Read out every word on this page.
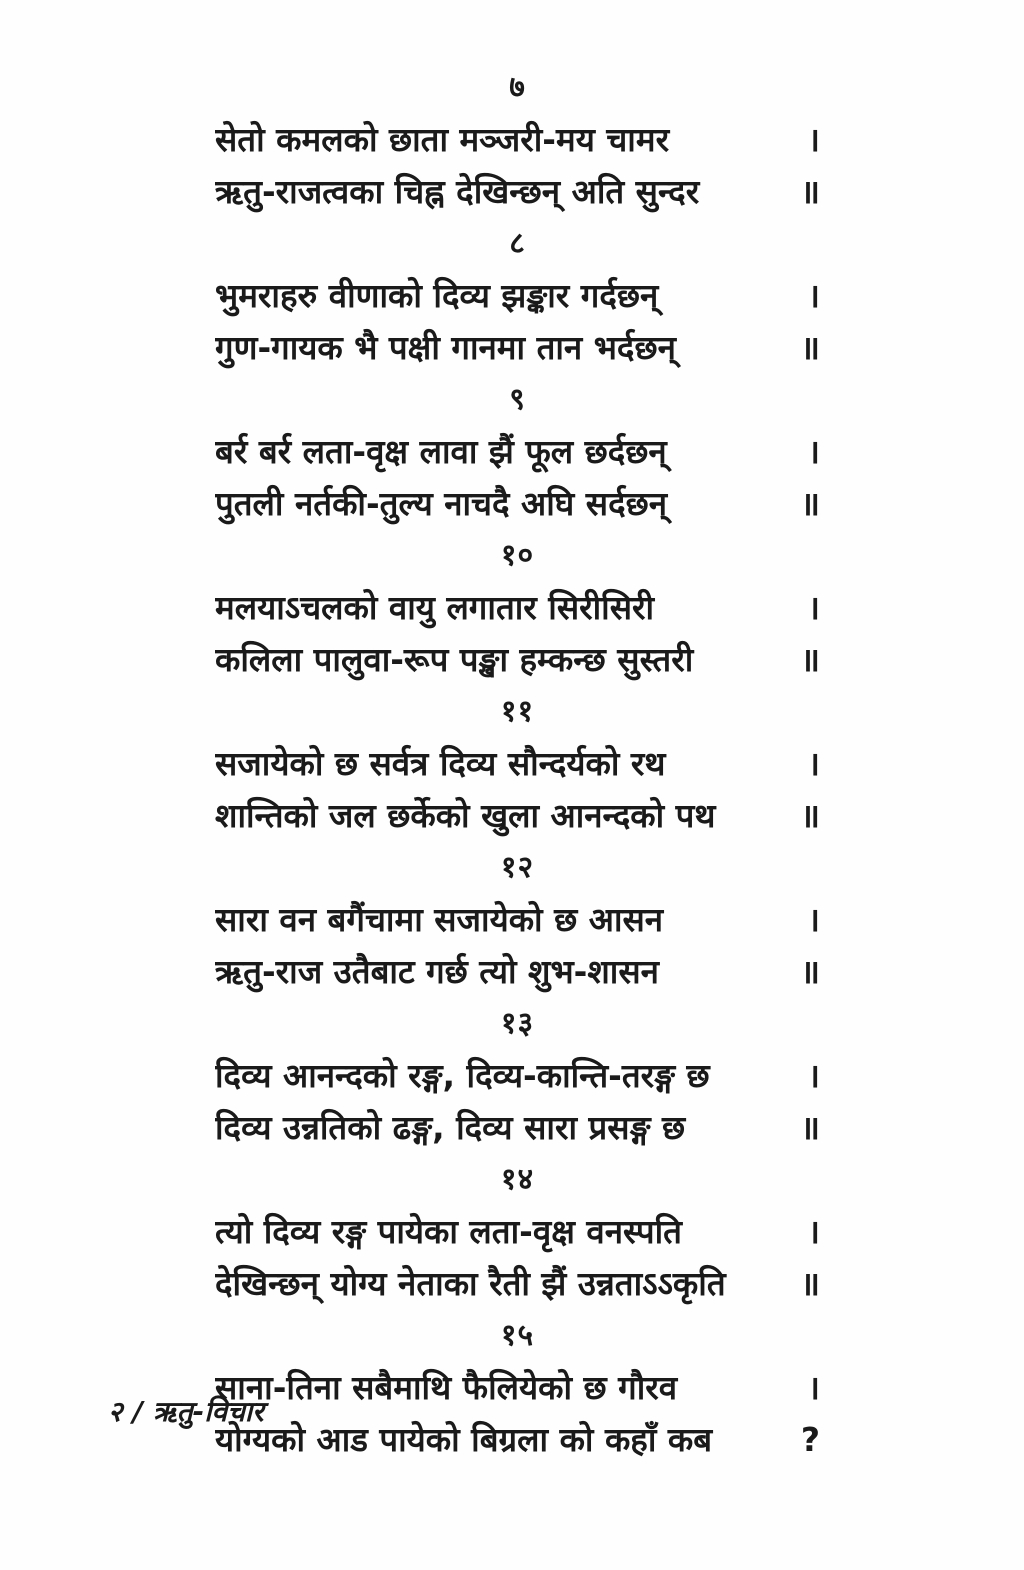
७
सेतो कमलको छाता मञ्जरी-मय चामर	।
ऋतु-राजत्वका चिह्न देखिन्छन् अति सुन्दर	॥
८
भुमराहरु वीणाको दिव्य झङ्कार गर्दछन्	।
गुण-गायक भै पक्षी गानमा तान भर्दछन्	॥
९
बर्र बर्र लता-वृक्ष लावा झैं फूल छर्दछन्	।
पुतली नर्तकी-तुल्य नाचदै अघि सर्दछन्	॥
१०
मलयाऽचलको वायु लगातार सिरीसिरी	।
कलिला पालुवा-रूप पङ्खा हम्कन्छ सुस्तरी	॥
११
सजायेको छ सर्वत्र दिव्य सौन्दर्यको रथ	।
शान्तिको जल छर्केको खुला आनन्दको पथ	॥
१२
सारा वन बगैंचामा सजायेको छ आसन	।
ऋतु-राज उतैबाट गर्छ त्यो शुभ-शासन	॥
१३
दिव्य आनन्दको रङ्ग, दिव्य-कान्ति-तरङ्ग छ	।
दिव्य उन्नतिको ढङ्ग, दिव्य सारा प्रसङ्ग छ	॥
१४
त्यो दिव्य रङ्ग पायेका लता-वृक्ष वनस्पति	।
देखिन्छन् योग्य नेताका रैती झैं उन्नताऽऽकृति	॥
१५
साना-तिना सबैमाथि फैलियेको छ गौरव	।
योग्यको आड पायेको बिग्रला को कहाँ कब	?
२ / ऋतु-विचार
